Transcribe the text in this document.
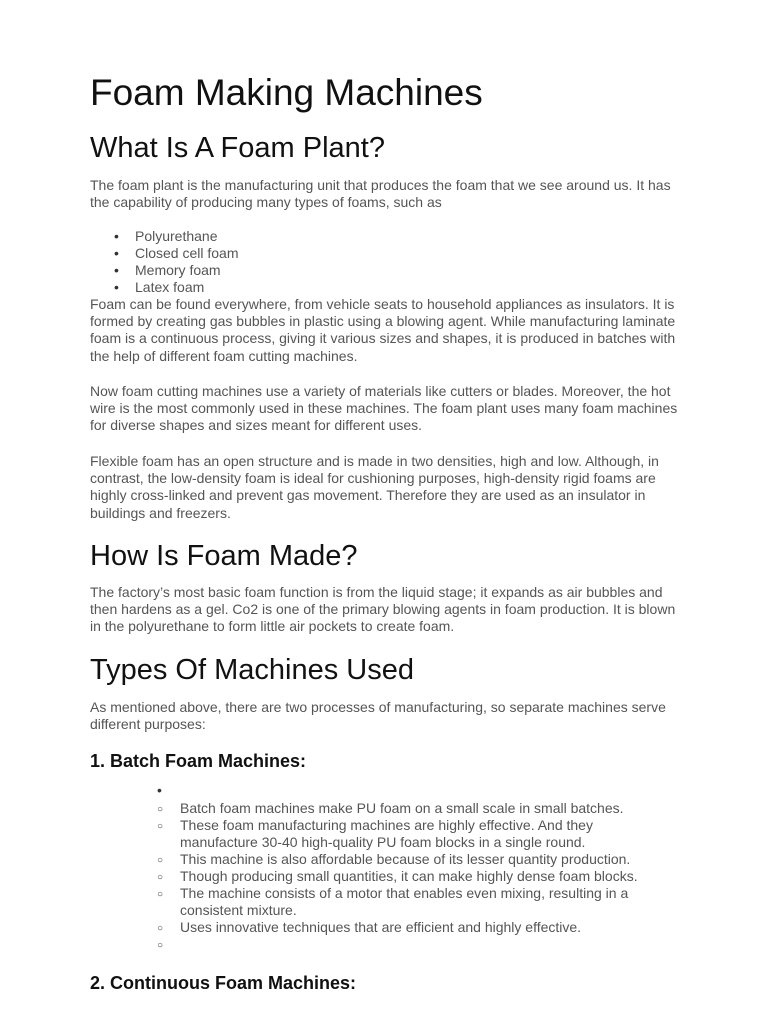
Foam Making Machines
What Is A Foam Plant?

The foam plant is the manufacturing unit that produces the foam that we see around us. It has the capability of producing many types of foams, such as

• Polyurethane
• Closed cell foam
• Memory foam
• Latex foam

Foam can be found everywhere, from vehicle seats to household appliances as insulators. It is formed by creating gas bubbles in plastic using a blowing agent. While manufacturing laminate foam is a continuous process, giving it various sizes and shapes, it is produced in batches with the help of different foam cutting machines.

Now foam cutting machines use a variety of materials like cutters or blades. Moreover, the hot wire is the most commonly used in these machines. The foam plant uses many foam machines for diverse shapes and sizes meant for different uses.

Flexible foam has an open structure and is made in two densities, high and low. Although, in contrast, the low-density foam is ideal for cushioning purposes, high-density rigid foams are highly cross-linked and prevent gas movement. Therefore they are used as an insulator in buildings and freezers.

How Is Foam Made?

The factory’s most basic foam function is from the liquid stage; it expands as air bubbles and then hardens as a gel. Co2 is one of the primary blowing agents in foam production. It is blown in the polyurethane to form little air pockets to create foam.

Types Of Machines Used

As mentioned above, there are two processes of manufacturing, so separate machines serve different purposes:

1. Batch Foam Machines:
•
○ Batch foam machines make PU foam on a small scale in small batches.
○ These foam manufacturing machines are highly effective. And they manufacture 30-40 high-quality PU foam blocks in a single round.
○ This machine is also affordable because of its lesser quantity production.
○ Though producing small quantities, it can make highly dense foam blocks.
○ The machine consists of a motor that enables even mixing, resulting in a consistent mixture.
○ Uses innovative techniques that are efficient and highly effective.
○
2. Continuous Foam Machines:
